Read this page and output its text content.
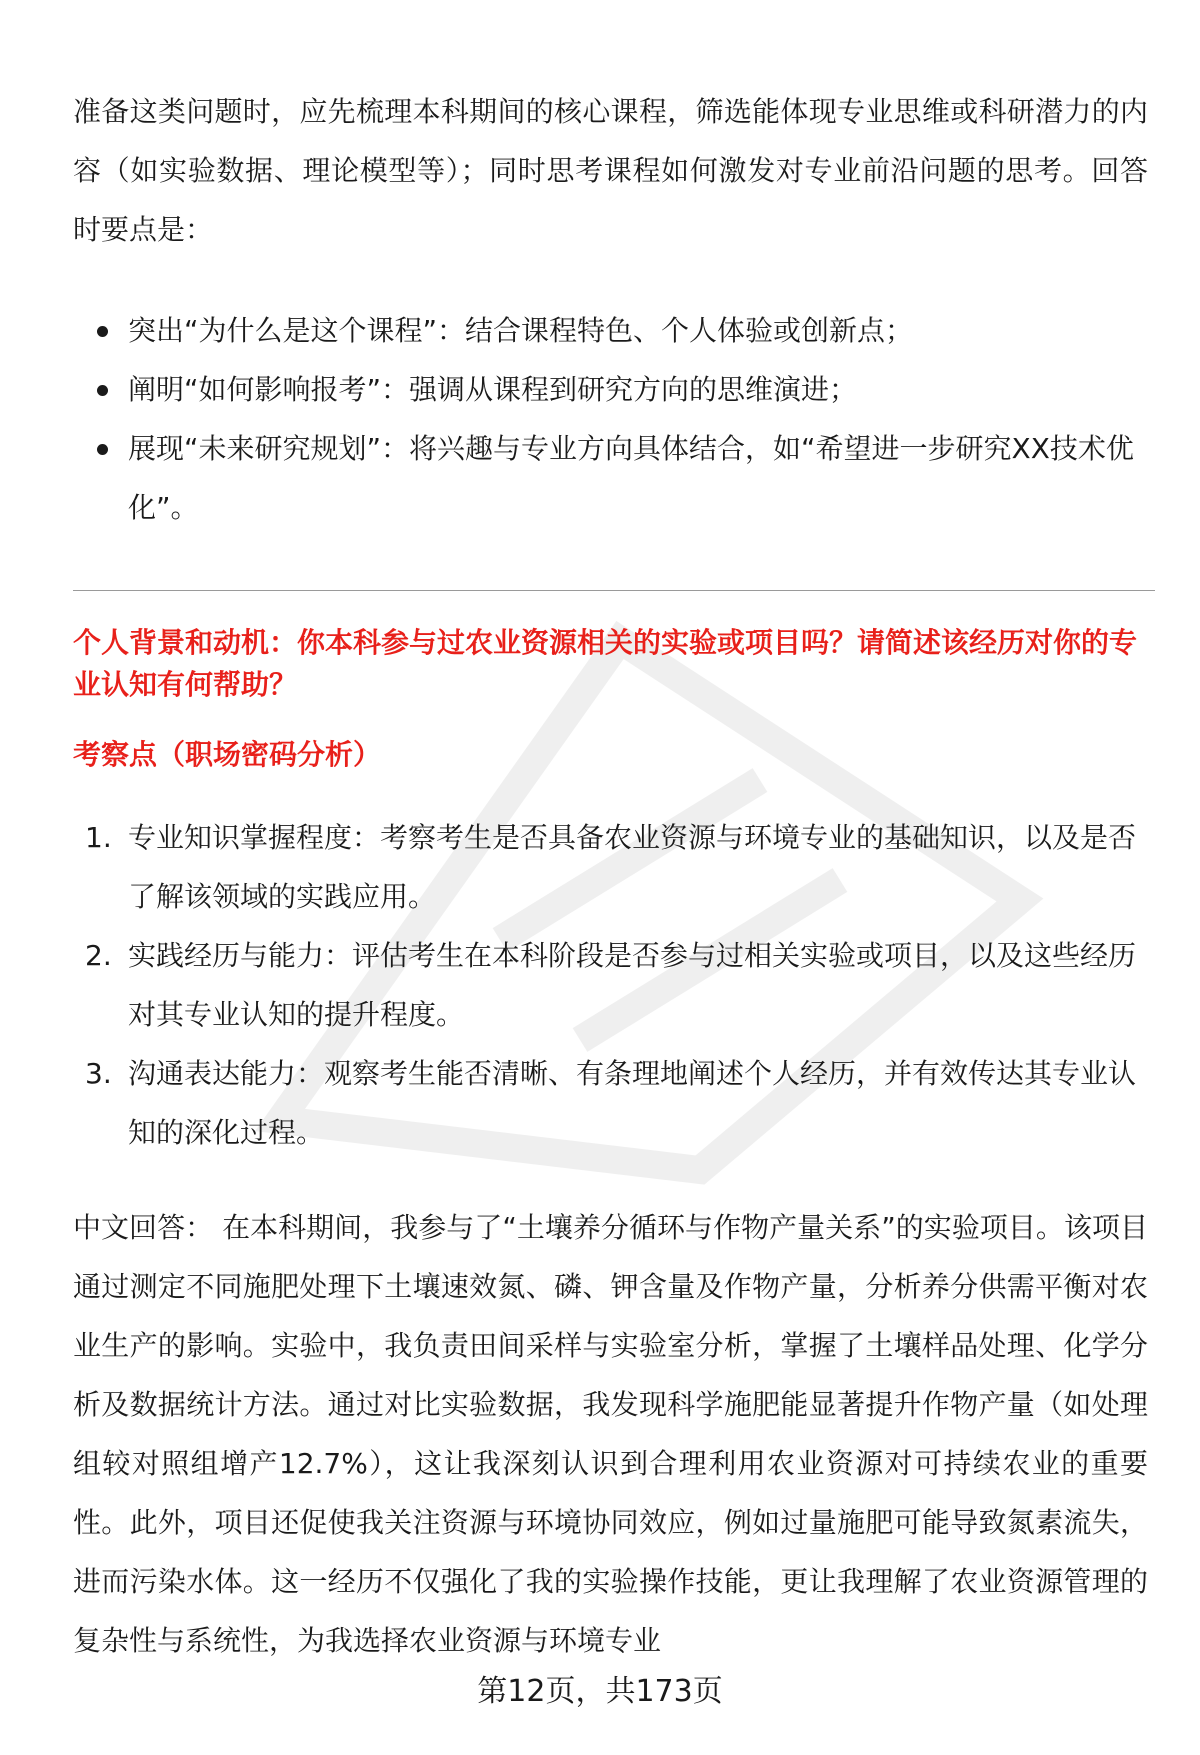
准备这类问题时，应先梳理本科期间的核心课程，筛选能体现专业思维或科研潜力的内容（如实验数据、理论模型等）；同时思考课程如何激发对专业前沿问题的思考。回答时要点是：

突出“为什么是这个课程”：结合课程特色、个人体验或创新点；
阐明“如何影响报考”：强调从课程到研究方向的思维演进；
展现“未来研究规划”：将兴趣与专业方向具体结合，如“希望进一步研究XX技术优化”。

个人背景和动机：你本科参与过农业资源相关的实验或项目吗？请简述该经历对你的专业认知有何帮助？

考察点（职场密码分析）

1. 专业知识掌握程度：考察考生是否具备农业资源与环境专业的基础知识，以及是否了解该领域的实践应用。
2. 实践经历与能力：评估考生在本科阶段是否参与过相关实验或项目，以及这些经历对其专业认知的提升程度。
3. 沟通表达能力：观察考生能否清晰、有条理地阐述个人经历，并有效传达其专业认知的深化过程。

中文回答： 在本科期间，我参与了“土壤养分循环与作物产量关系”的实验项目。该项目通过测定不同施肥处理下土壤速效氮、磷、钾含量及作物产量，分析养分供需平衡对农业生产的影响。实验中，我负责田间采样与实验室分析，掌握了土壤样品处理、化学分析及数据统计方法。通过对比实验数据，我发现科学施肥能显著提升作物产量（如处理组较对照组增产12.7%），这让我深刻认识到合理利用农业资源对可持续农业的重要性。此外，项目还促使我关注资源与环境协同效应，例如过量施肥可能导致氮素流失，进而污染水体。这一经历不仅强化了我的实验操作技能，更让我理解了农业资源管理的复杂性与系统性，为我选择农业资源与环境专业

第12页，共173页
